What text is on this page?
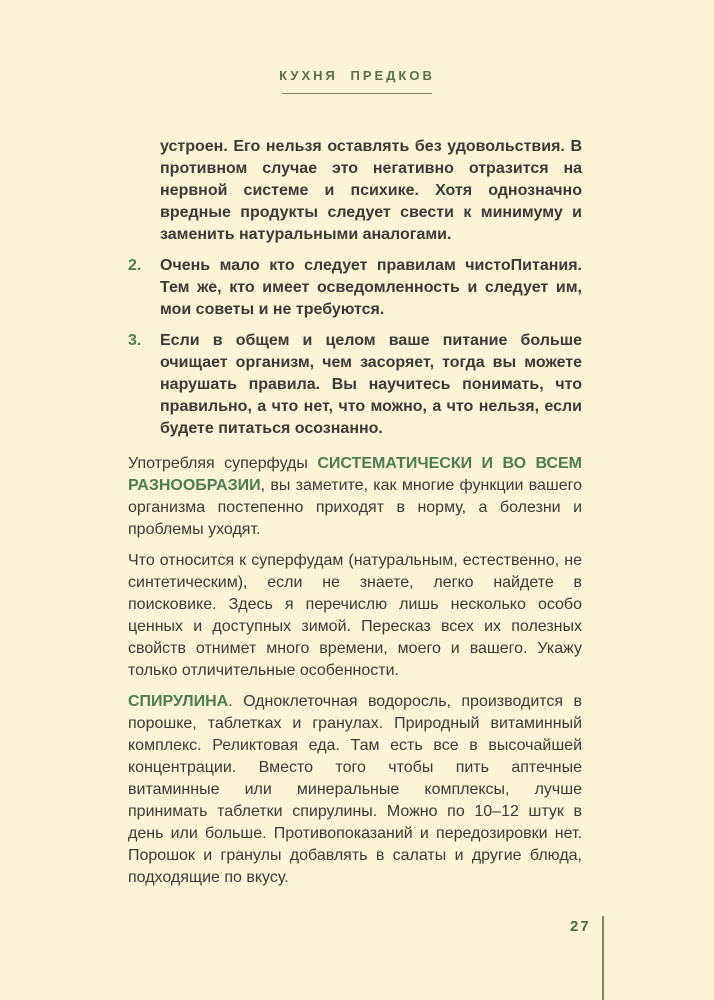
КУХНЯ ПРЕДКОВ
устроен. Его нельзя оставлять без удовольствия. В противном случае это негативно отразится на нервной системе и психике. Хотя однозначно вредные продукты следует свести к минимуму и заменить натуральными аналогами.
2.	Очень мало кто следует правилам чистоПитания. Тем же, кто имеет осведомленность и следует им, мои советы и не требуются.
3.	Если в общем и целом ваше питание больше очищает организм, чем засоряет, тогда вы можете нарушать правила. Вы научитесь понимать, что правильно, а что нет, что можно, а что нельзя, если будете питаться осознанно.

Употребляя суперфуды СИСТЕМАТИЧЕСКИ И ВО ВСЕМ РАЗНООБРАЗИИ, вы заметите, как многие функции вашего организма постепенно приходят в норму, а болезни и проблемы уходят.

Что относится к суперфудам (натуральным, естественно, не синтетическим), если не знаете, легко найдете в поисковике. Здесь я перечислю лишь несколько особо ценных и доступных зимой. Пересказ всех их полезных свойств отнимет много времени, моего и вашего. Укажу только отличительные особенности.

СПИРУЛИНА. Одноклеточная водоросль, производится в порошке, таблетках и гранулах. Природный витаминный комплекс. Реликтовая еда. Там есть все в высочайшей концентрации. Вместо того чтобы пить аптечные витаминные или минеральные комплексы, лучше принимать таблетки спирулины. Можно по 10–12 штук в день или больше. Противопоказаний и передозировки нет. Порошок и гранулы добавлять в салаты и другие блюда, подходящие по вкусу.

27
